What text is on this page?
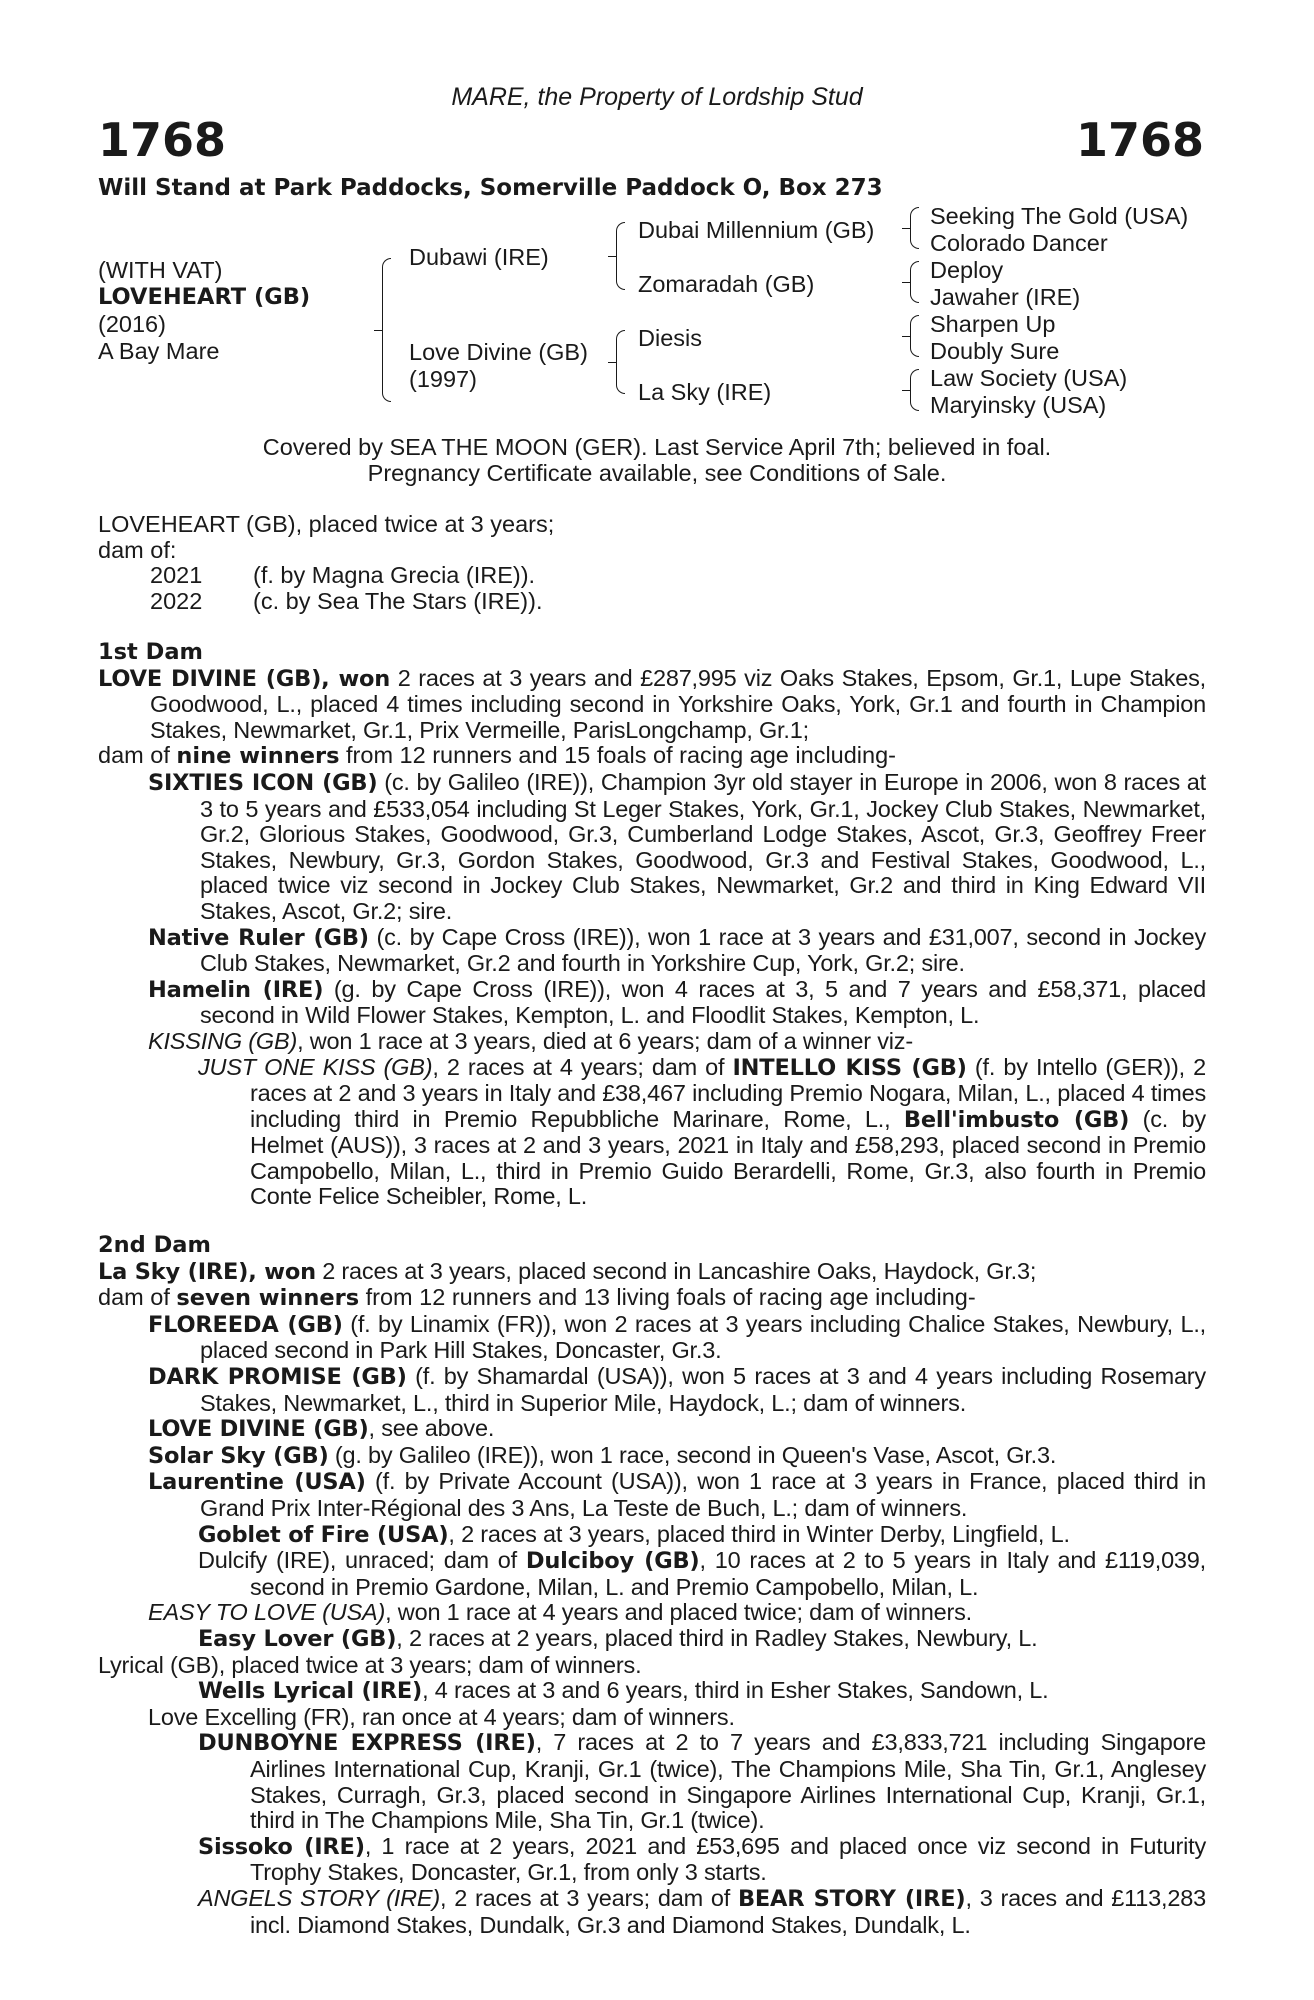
MARE, the Property of Lordship Stud
1768	1768
Will Stand at Park Paddocks, Somerville Paddock O, Box 273
(WITH VAT)
LOVEHEART (GB)
(2016)
A Bay Mare
Dubawi (IRE)
Love Divine (GB)
(1997)
Dubai Millennium (GB)
Zomaradah (GB)
Diesis
La Sky (IRE)
Seeking The Gold (USA)
Colorado Dancer
Deploy
Jawaher (IRE)
Sharpen Up
Doubly Sure
Law Society (USA)
Maryinsky (USA)
Covered by SEA THE MOON (GER). Last Service April 7th; believed in foal.
Pregnancy Certificate available, see Conditions of Sale.
LOVEHEART (GB), placed twice at 3 years;
dam of:
2021 (f. by Magna Grecia (IRE)).
2022 (c. by Sea The Stars (IRE)).
1st Dam

LOVE DIVINE (GB), won 2 races at 3 years and £287,995 viz Oaks Stakes, Epsom, Gr.1, Lupe Stakes, Goodwood, L., placed 4 times including second in Yorkshire Oaks, York, Gr.1 and fourth in Champion Stakes, Newmarket, Gr.1, Prix Vermeille, ParisLongchamp, Gr.1;

dam of nine winners from 12 runners and 15 foals of racing age including-

SIXTIES ICON (GB) (c. by Galileo (IRE)), Champion 3yr old stayer in Europe in 2006, won 8 races at 3 to 5 years and £533,054 including St Leger Stakes, York, Gr.1, Jockey Club Stakes, Newmarket, Gr.2, Glorious Stakes, Goodwood, Gr.3, Cumberland Lodge Stakes, Ascot, Gr.3, Geoffrey Freer Stakes, Newbury, Gr.3, Gordon Stakes, Goodwood, Gr.3 and Festival Stakes, Goodwood, L., placed twice viz second in Jockey Club Stakes, Newmarket, Gr.2 and third in King Edward VII Stakes, Ascot, Gr.2; sire.

Native Ruler (GB) (c. by Cape Cross (IRE)), won 1 race at 3 years and £31,007, second in Jockey Club Stakes, Newmarket, Gr.2 and fourth in Yorkshire Cup, York, Gr.2; sire.

Hamelin (IRE) (g. by Cape Cross (IRE)), won 4 races at 3, 5 and 7 years and £58,371, placed second in Wild Flower Stakes, Kempton, L. and Floodlit Stakes, Kempton, L.

KISSING (GB), won 1 race at 3 years, died at 6 years; dam of a winner viz-

JUST ONE KISS (GB), 2 races at 4 years; dam of INTELLO KISS (GB) (f. by Intello (GER)), 2 races at 2 and 3 years in Italy and £38,467 including Premio Nogara, Milan, L., placed 4 times including third in Premio Repubbliche Marinare, Rome, L., Bell'imbusto (GB) (c. by Helmet (AUS)), 3 races at 2 and 3 years, 2021 in Italy and £58,293, placed second in Premio Campobello, Milan, L., third in Premio Guido Berardelli, Rome, Gr.3, also fourth in Premio Conte Felice Scheibler, Rome, L.

2nd Dam

La Sky (IRE), won 2 races at 3 years, placed second in Lancashire Oaks, Haydock, Gr.3;

dam of seven winners from 12 runners and 13 living foals of racing age including-

FLOREEDA (GB) (f. by Linamix (FR)), won 2 races at 3 years including Chalice Stakes, Newbury, L., placed second in Park Hill Stakes, Doncaster, Gr.3.

DARK PROMISE (GB) (f. by Shamardal (USA)), won 5 races at 3 and 4 years including Rosemary Stakes, Newmarket, L., third in Superior Mile, Haydock, L.; dam of winners.

LOVE DIVINE (GB), see above.

Solar Sky (GB) (g. by Galileo (IRE)), won 1 race, second in Queen's Vase, Ascot, Gr.3.

Laurentine (USA) (f. by Private Account (USA)), won 1 race at 3 years in France, placed third in Grand Prix Inter-Régional des 3 Ans, La Teste de Buch, L.; dam of winners.

Goblet of Fire (USA), 2 races at 3 years, placed third in Winter Derby, Lingfield, L.

Dulcify (IRE), unraced; dam of Dulciboy (GB), 10 races at 2 to 5 years in Italy and £119,039, second in Premio Gardone, Milan, L. and Premio Campobello, Milan, L.

EASY TO LOVE (USA), won 1 race at 4 years and placed twice; dam of winners.

Easy Lover (GB), 2 races at 2 years, placed third in Radley Stakes, Newbury, L.

Lyrical (GB), placed twice at 3 years; dam of winners.

Wells Lyrical (IRE), 4 races at 3 and 6 years, third in Esher Stakes, Sandown, L.

Love Excelling (FR), ran once at 4 years; dam of winners.

DUNBOYNE EXPRESS (IRE), 7 races at 2 to 7 years and £3,833,721 including Singapore Airlines International Cup, Kranji, Gr.1 (twice), The Champions Mile, Sha Tin, Gr.1, Anglesey Stakes, Curragh, Gr.3, placed second in Singapore Airlines International Cup, Kranji, Gr.1, third in The Champions Mile, Sha Tin, Gr.1 (twice).

Sissoko (IRE), 1 race at 2 years, 2021 and £53,695 and placed once viz second in Futurity Trophy Stakes, Doncaster, Gr.1, from only 3 starts.

ANGELS STORY (IRE), 2 races at 3 years; dam of BEAR STORY (IRE), 3 races and £113,283 incl. Diamond Stakes, Dundalk, Gr.3 and Diamond Stakes, Dundalk, L.
